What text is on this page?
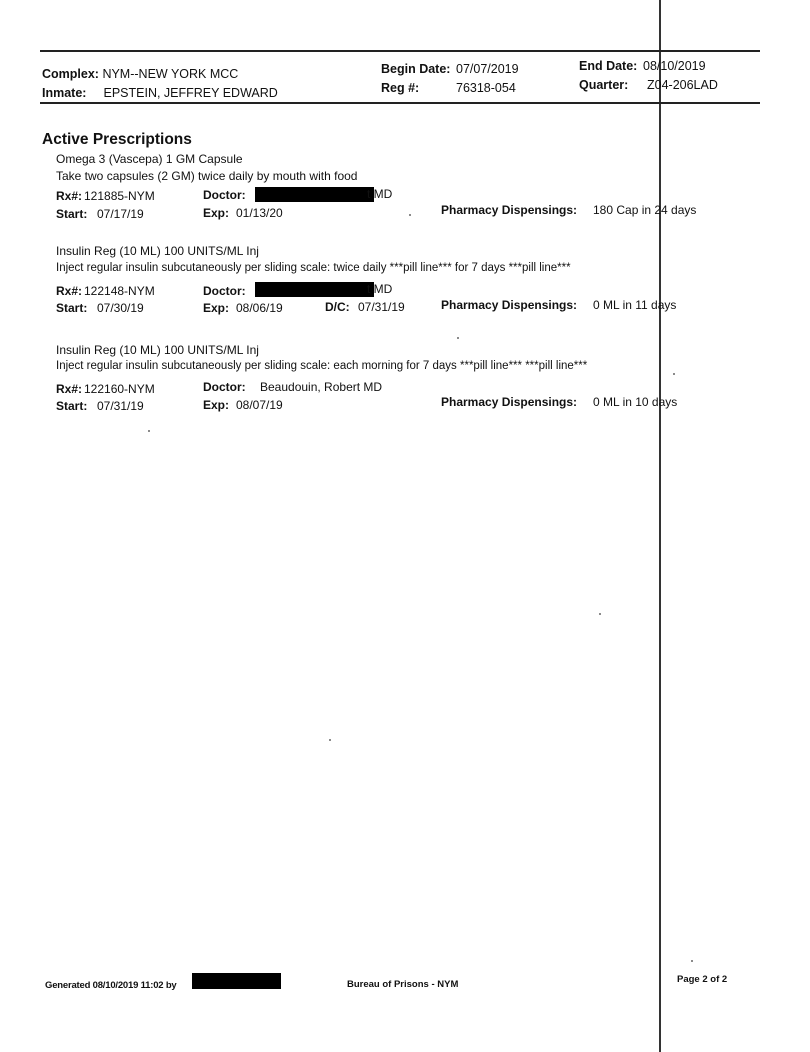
Complex: NYM--NEW YORK MCC
Inmate: EPSTEIN, JEFFREY EDWARD
Begin Date: 07/07/2019
Reg #:	76318-054
End Date: 08/10/2019
Quarter: Z04-206LAD
Active Prescriptions
Omega 3 (Vascepa) 1 GM Capsule
Take two capsules (2 GM) twice daily by mouth with food
Rx#: 121885-NYM	Doctor:	t MD
Start: 07/17/19	Exp: 01/13/20	Pharmacy Dispensings: 180 Cap in 24 days
Insulin Reg (10 ML) 100 UNITS/ML Inj
Inject regular insulin subcutaneously per sliding scale: twice daily ***pill line*** for 7 days ***pill line***
Rx#: 122148-NYM	Doctor:	t MD
Start: 07/30/19	Exp: 08/06/19	D/C: 07/31/19	Pharmacy Dispensings: 0 ML in 11 days
Insulin Reg (10 ML) 100 UNITS/ML Inj
Inject regular insulin subcutaneously per sliding scale: each morning for 7 days ***pill line*** ***pill line***
Rx#: 122160-NYM	Doctor: Beaudouin, Robert MD
Start: 07/31/19	Exp: 08/07/19	Pharmacy Dispensings: 0 ML in 10 days
Generated 08/10/2019 11:02 by	Bureau of Prisons - NYM	Page 2 of 2
